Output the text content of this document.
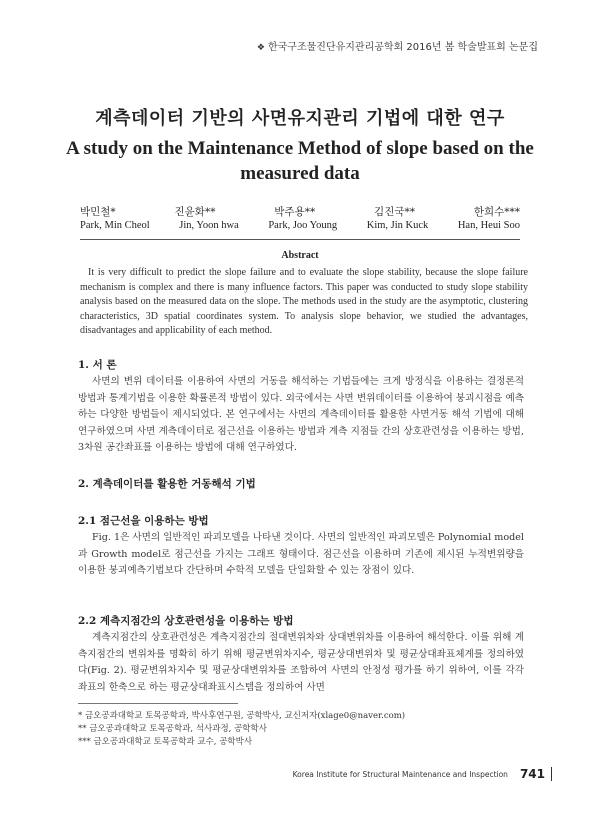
❖ 한국구조물진단유지관리공학회 2016년 봄 학술발표회 논문집
계측데이터 기반의 사면유지관리 기법에 대한 연구
A study on the Maintenance Method of slope based on the measured data
박민철*	진윤화**	박주용**	김진국**	한희수***
Park, Min Cheol	Jin, Yoon hwa	Park, Joo Young	Kim, Jin Kuck	Han, Heui Soo
Abstract
It is very difficult to predict the slope failure and to evaluate the slope stability, because the slope failure mechanism is complex and there is many influence factors. This paper was conducted to study slope stability analysis based on the measured data on the slope. The methods used in the study are the asymptotic, clustering characteristics, 3D spatial coordinates system. To analysis slope behavior, we studied the advantages, disadvantages and applicability of each method.
1. 서 론
사면의 변위 데이터를 이용하여 사면의 거동을 해석하는 기법들에는 크게 방정식을 이용하는 결정론적 방법과 통계기법을 이용한 확률론적 방법이 있다. 외국에서는 사면 변위데이터를 이용하여 붕괴시점을 예측하는 다양한 방법들이 제시되었다. 본 연구에서는 사면의 계측데이터를 활용한 사면거동 해석 기법에 대해 연구하였으며 사면 계측데이터로 점근선을 이용하는 방법과 계측 지점들 간의 상호관련성을 이용하는 방법, 3차원 공간좌표를 이용하는 방법에 대해 연구하였다.
2. 계측데이터를 활용한 거동해석 기법
2.1 점근선을 이용하는 방법
Fig. 1은 사면의 일반적인 파괴모델을 나타낸 것이다. 사면의 일반적인 파괴모델은 Polynomial model과 Growth model로 점근선을 가지는 그래프 형태이다. 점근선을 이용하며 기존에 제시된 누적변위량을 이용한 붕괴예측기법보다 간단하며 수학적 모델을 단일화할 수 있는 장점이 있다.
2.2 계측지점간의 상호관련성을 이용하는 방법
계측지점간의 상호관련성은 계측지점간의 절대변위차와 상대변위차를 이용하여 해석한다. 이를 위해 계측지점간의 변위차를 명확히 하기 위해 평균변위차지수, 평균상대변위차 및 평균상대좌표체계를 정의하였다(Fig. 2). 평균변위차지수 및 평균상대변위차를 조합하여 사면의 안정성 평가를 하기 위하여, 이를 각각 좌표의 한축으로 하는 평균상대좌표시스템을 정의하여 사면
* 금오공과대학교 토목공학과, 박사후연구원, 공학박사, 교신저자(xlage0@naver.com)
** 금오공과대학교 토목공학과, 석사과정, 공학학사
*** 금오공과대학교 토목공학과 교수, 공학박사
Korea Institute for Structural Maintenance and Inspection 741
